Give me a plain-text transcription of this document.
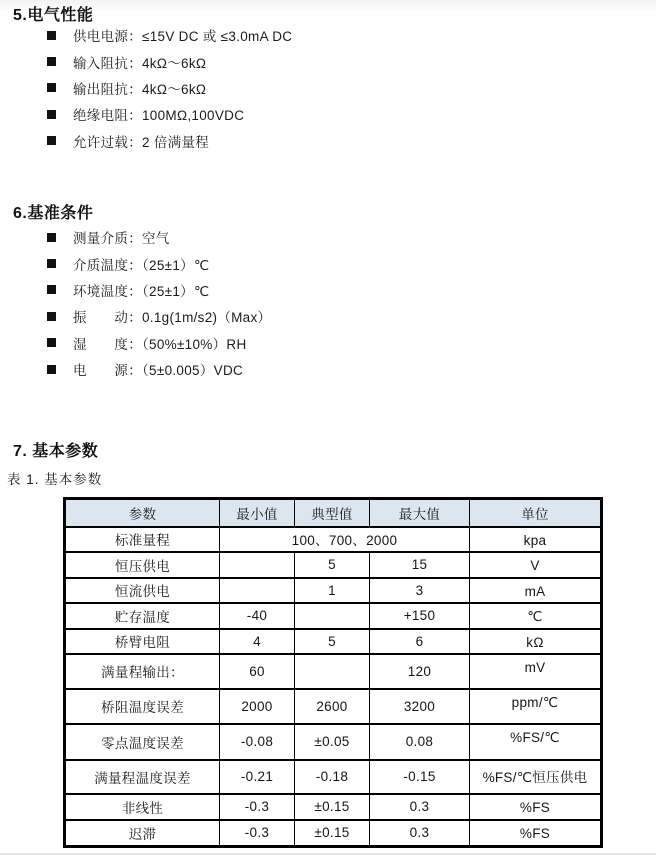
5.电气性能
供电电源：≤15V DC 或 ≤3.0mA DC
输入阻抗：4kΩ～6kΩ
输出阻抗：4kΩ～6kΩ
绝缘电阻：100MΩ,100VDC
允许过载：2 倍满量程
6.基准条件
测量介质：空气
介质温度：（25±1）℃
环境温度：（25±1）℃
振　　动：0.1g(1m/s2)（Max）
湿　　度：（50%±10%）RH
电　　源：（5±0.005）VDC
7. 基本参数
表 1. 基本参数
参数	最小值	典型值	最大值	单位
标准量程	100、700、2000			kpa
恒压供电		5	15	V
恒流供电		1	3	mA
贮存温度	-40		+150	℃
桥臂电阻	4	5	6	kΩ
满量程输出：	60		120	mV
桥阻温度误差	2000	2600	3200	ppm/℃
零点温度误差	-0.08	±0.05	0.08	%FS/℃
满量程温度误差	-0.21	-0.18	-0.15	%FS/℃恒压供电
非线性	-0.3	±0.15	0.3	%FS
迟滞	-0.3	±0.15	0.3	%FS
